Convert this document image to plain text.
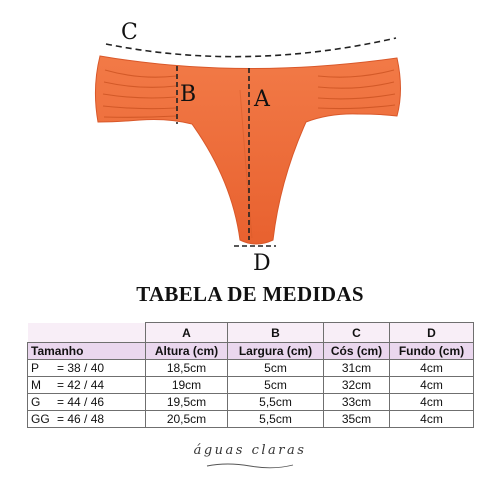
C
B	A
D
TABELA DE MEDIDAS
	A	B	C	D
Tamanho	Altura (cm)	Largura (cm)	Cós (cm)	Fundo (cm)
P = 38 / 40	18,5cm	5cm	31cm	4cm
M = 42 / 44	19cm	5cm	32cm	4cm
G = 44 / 46	19,5cm	5,5cm	33cm	4cm
GG = 46 / 48	20,5cm	5,5cm	35cm	4cm
águas claras
